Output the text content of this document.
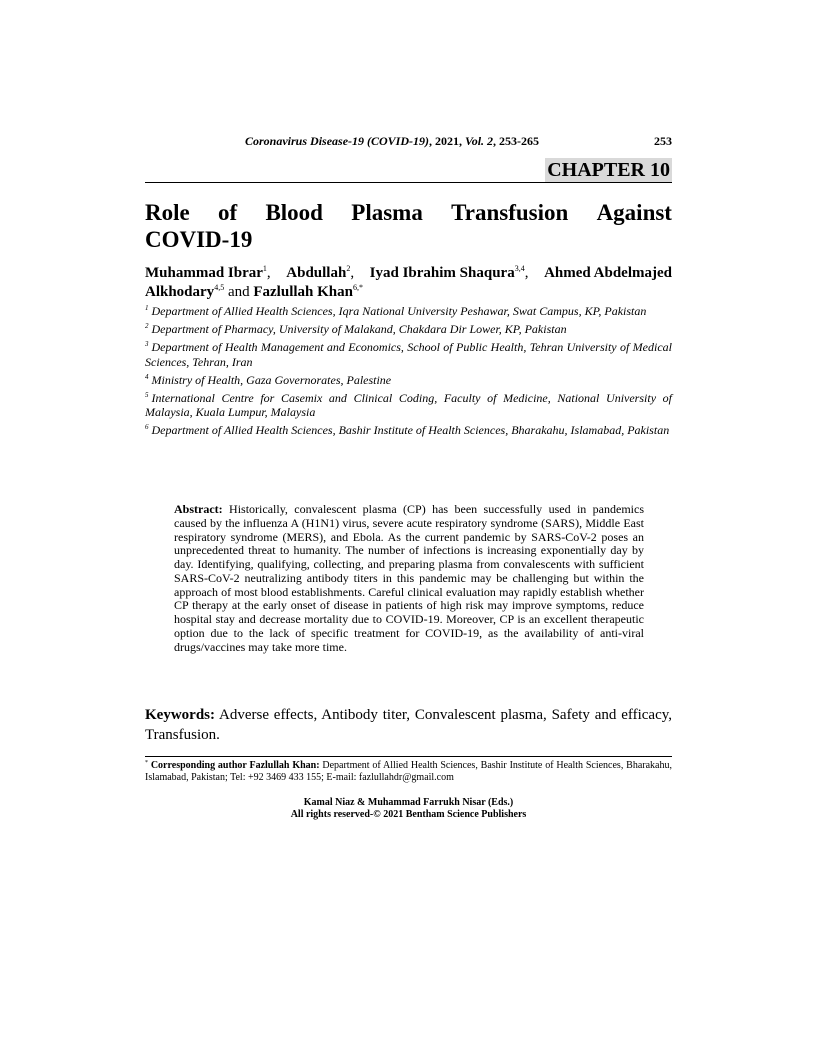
Coronavirus Disease-19 (COVID-19), 2021, Vol. 2, 253-265	253
CHAPTER 10
Role of Blood Plasma Transfusion Against
COVID-19
Muhammad Ibrar$^1$, Abdullah$^2$, Iyad Ibrahim Shaqura$^{3,4}$, Ahmed Abdelmajed
Alkhodary$^{4,5}$ and Fazlullah Khan$^{6,*}$
$^1$ Department of Allied Health Sciences, Iqra National University Peshawar, Swat Campus, KP, Pakistan
$^2$ Department of Pharmacy, University of Malakand, Chakdara Dir Lower, KP, Pakistan
$^3$ Department of Health Management and Economics, School of Public Health, Tehran University of Medical Sciences, Tehran, Iran
$^4$ Ministry of Health, Gaza Governorates, Palestine
$^5$ International Centre for Casemix and Clinical Coding, Faculty of Medicine, National University of Malaysia, Kuala Lumpur, Malaysia
$^6$ Department of Allied Health Sciences, Bashir Institute of Health Sciences, Bharakahu, Islamabad, Pakistan
Abstract: Historically, convalescent plasma (CP) has been successfully used in pandemics caused by the influenza A (H1N1) virus, severe acute respiratory syndrome (SARS), Middle East respiratory syndrome (MERS), and Ebola. As the current pandemic by SARS-CoV-2 poses an unprecedented threat to humanity. The number of infections is increasing exponentially day by day. Identifying, qualifying, collecting, and preparing plasma from convalescents with sufficient SARS-CoV-2 neutralizing antibody titers in this pandemic may be challenging but within the approach of most blood establishments. Careful clinical evaluation may rapidly establish whether CP therapy at the early onset of disease in patients of high risk may improve symptoms, reduce hospital stay and decrease mortality due to COVID-19. Moreover, CP is an excellent therapeutic option due to the lack of specific treatment for COVID-19, as the availability of anti-viral drugs/vaccines may take more time.
Keywords: Adverse effects, Antibody titer, Convalescent plasma, Safety and efficacy, Transfusion.
* Corresponding author Fazlullah Khan: Department of Allied Health Sciences, Bashir Institute of Health Sciences, Bharakahu, Islamabad, Pakistan; Tel: +92 3469 433 155; E-mail: fazlullahdr@gmail.com
Kamal Niaz & Muhammad Farrukh Nisar (Eds.)
All rights reserved-© 2021 Bentham Science Publishers
